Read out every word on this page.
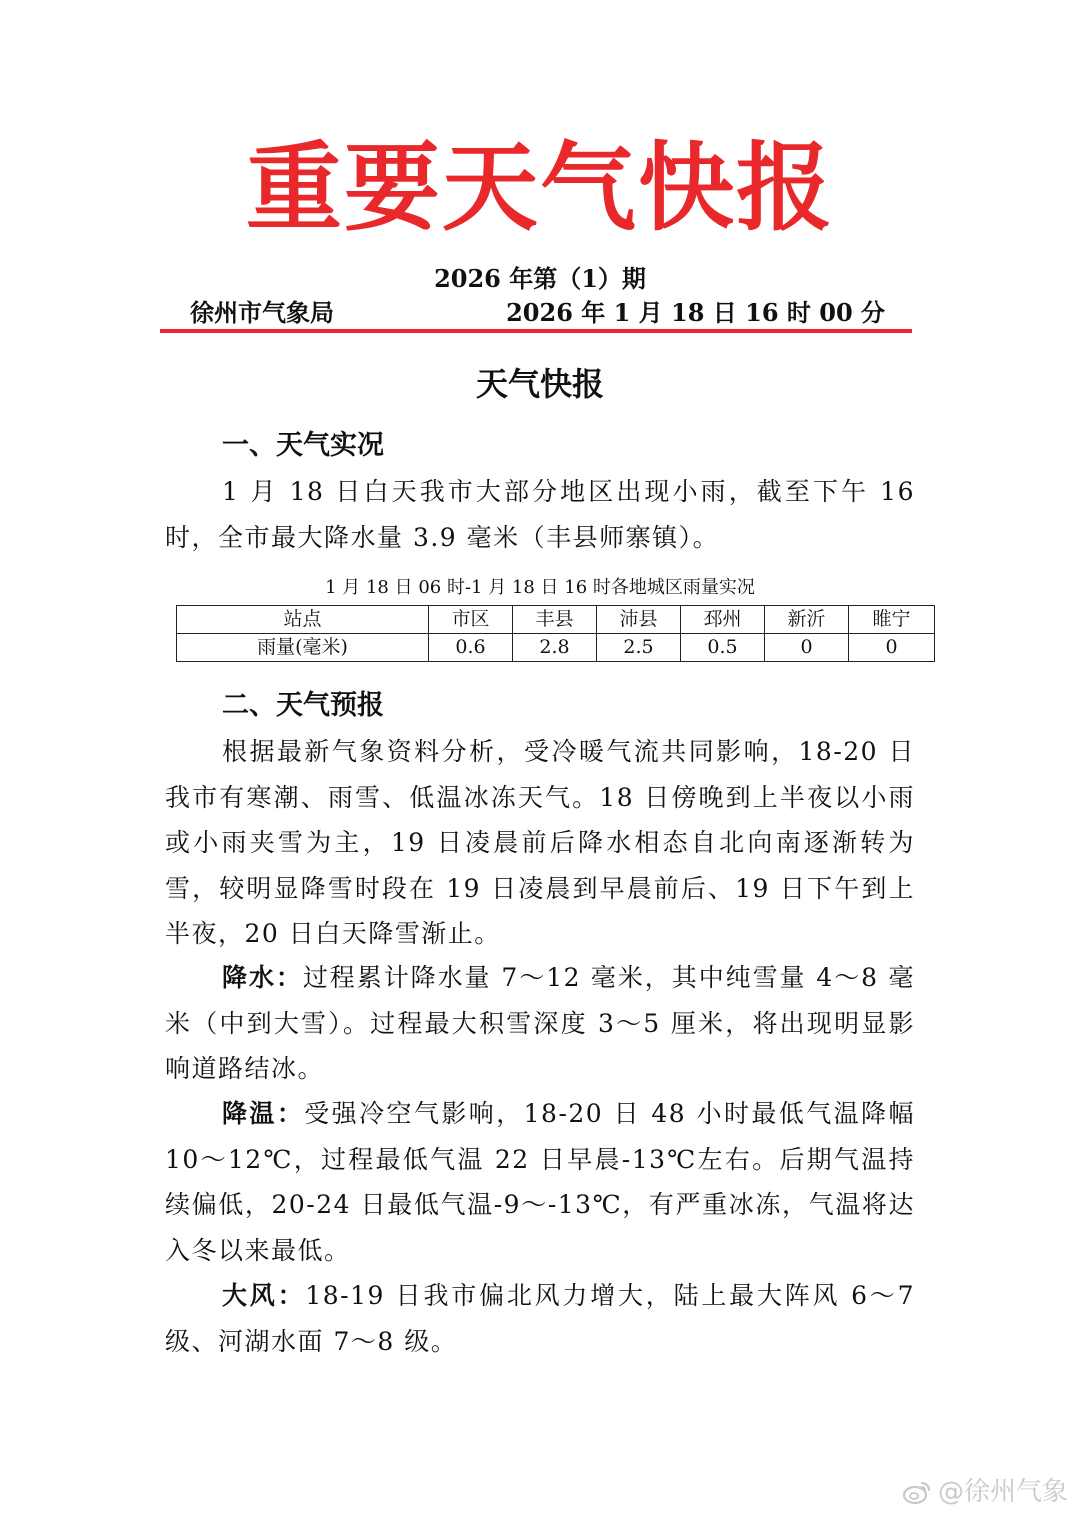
重要天气快报
2026 年第（1）期
徐州市气象局	2026 年 1 月 18 日 16 时 00 分
天气快报
一、天气实况
1 月 18 日白天我市大部分地区出现小雨，截至下午 16 时，全市最大降水量 3.9 毫米（丰县师寨镇）。
1 月 18 日 06 时-1 月 18 日 16 时各地城区雨量实况
站点	市区	丰县	沛县	邳州	新沂	睢宁
雨量(毫米)	0.6	2.8	2.5	0.5	0	0
二、天气预报
根据最新气象资料分析，受冷暖气流共同影响，18-20 日我市有寒潮、雨雪、低温冰冻天气。18 日傍晚到上半夜以小雨或小雨夹雪为主，19 日凌晨前后降水相态自北向南逐渐转为雪，较明显降雪时段在 19 日凌晨到早晨前后、19 日下午到上半夜，20 日白天降雪渐止。
降水：过程累计降水量 7～12 毫米，其中纯雪量 4～8 毫米（中到大雪）。过程最大积雪深度 3～5 厘米，将出现明显影响道路结冰。
降温：受强冷空气影响，18-20 日 48 小时最低气温降幅 10～12℃，过程最低气温 22 日早晨-13℃左右。后期气温持续偏低，20-24 日最低气温-9～-13℃，有严重冰冻，气温将达入冬以来最低。
大风：18-19 日我市偏北风力增大，陆上最大阵风 6～7 级、河湖水面 7～8 级。
@徐州气象
